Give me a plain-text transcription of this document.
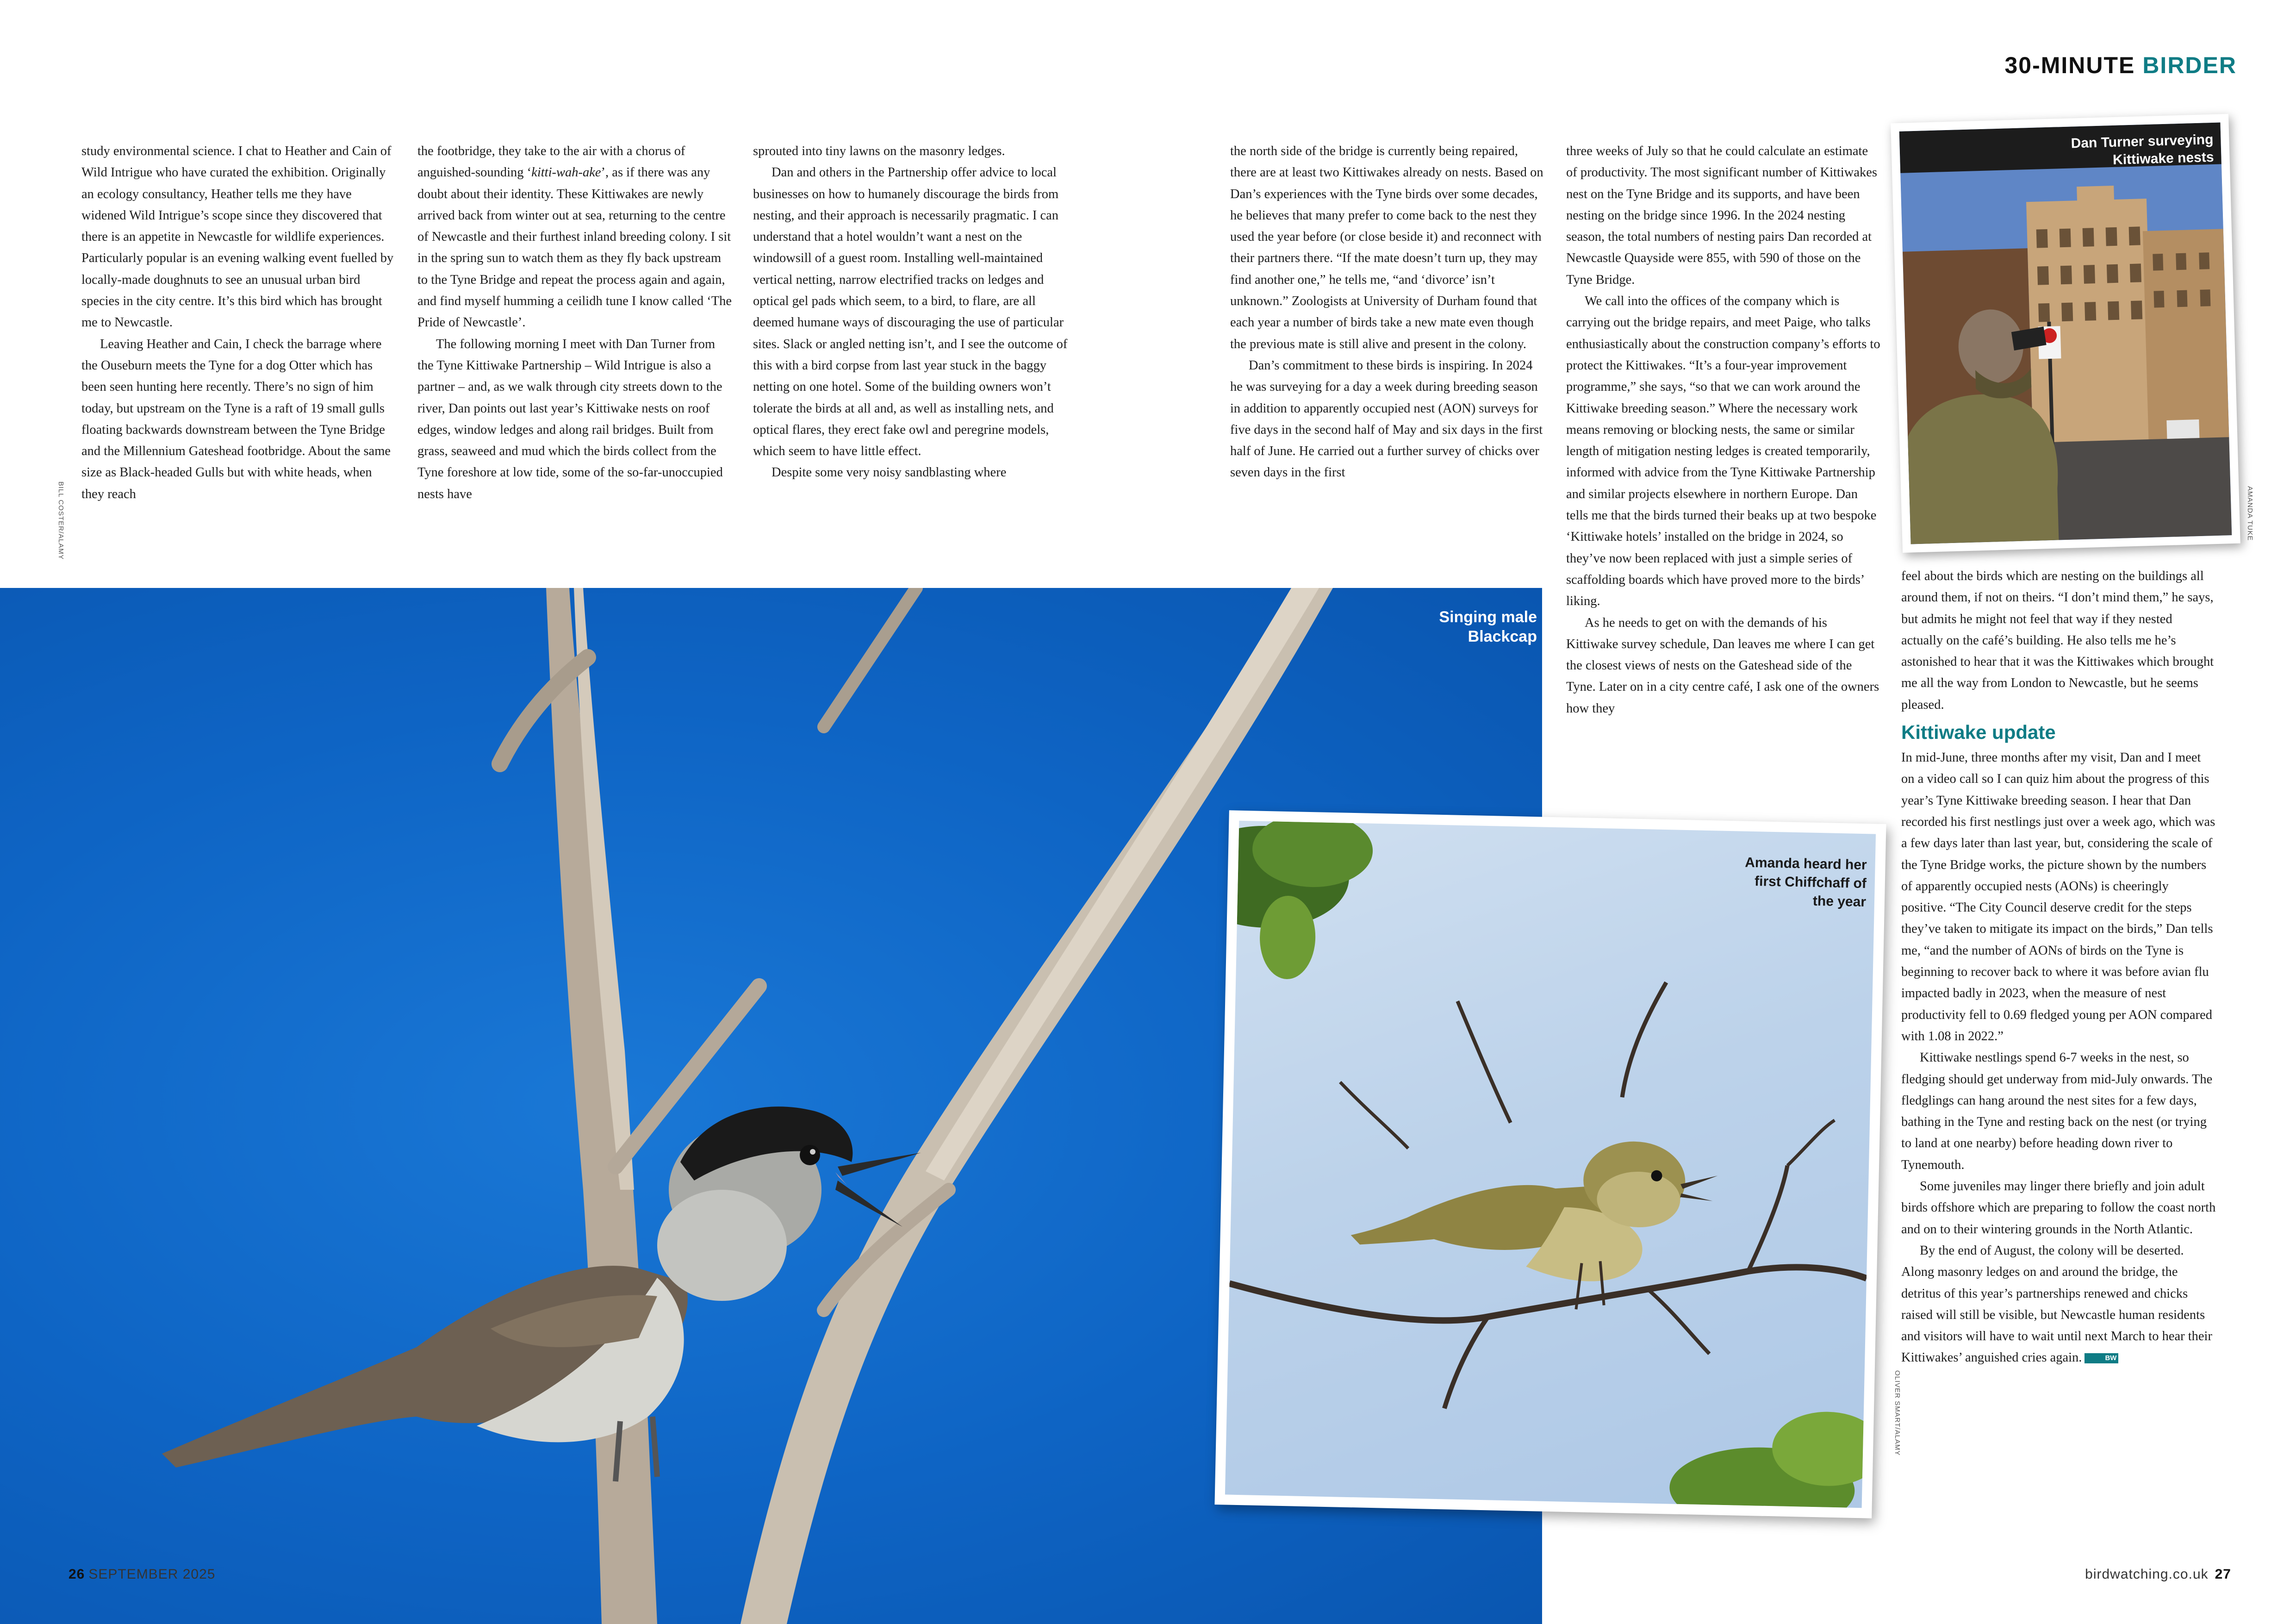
30-MINUTE BIRDER

study environmental science. I chat to Heather and Cain of Wild Intrigue who have curated the exhibition. Originally an ecology consultancy, Heather tells me they have widened Wild Intrigue’s scope since they discovered that there is an appetite in Newcastle for wildlife experiences. Particularly popular is an evening walking event fuelled by locally-made doughnuts to see an unusual urban bird species in the city centre. It’s this bird which has brought me to Newcastle.

Leaving Heather and Cain, I check the barrage where the Ouseburn meets the Tyne for a dog Otter which has been seen hunting here recently. There’s no sign of him today, but upstream on the Tyne is a raft of 19 small gulls floating backwards downstream between the Tyne Bridge and the Millennium Gateshead footbridge. About the same size as Black-headed Gulls but with white heads, when they reach

the footbridge, they take to the air with a chorus of anguished-sounding ‘kitti-wah-ake’, as if there was any doubt about their identity. These Kittiwakes are newly arrived back from winter out at sea, returning to the centre of Newcastle and their furthest inland breeding colony. I sit in the spring sun to watch them as they fly back upstream to the Tyne Bridge and repeat the process again and again, and find myself humming a ceilidh tune I know called ‘The Pride of Newcastle’.

The following morning I meet with Dan Turner from the Tyne Kittiwake Partnership – Wild Intrigue is also a partner – and, as we walk through city streets down to the river, Dan points out last year’s Kittiwake nests on roof edges, window ledges and along rail bridges. Built from grass, seaweed and mud which the birds collect from the Tyne foreshore at low tide, some of the so-far-unoccupied nests have

sprouted into tiny lawns on the masonry ledges.

Dan and others in the Partnership offer advice to local businesses on how to humanely discourage the birds from nesting, and their approach is necessarily pragmatic. I can understand that a hotel wouldn’t want a nest on the windowsill of a guest room. Installing well-maintained vertical netting, narrow electrified tracks on ledges and optical gel pads which seem, to a bird, to flare, are all deemed humane ways of discouraging the use of particular sites. Slack or angled netting isn’t, and I see the outcome of this with a bird corpse from last year stuck in the baggy netting on one hotel. Some of the building owners won’t tolerate the birds at all and, as well as installing nets, and optical flares, they erect fake owl and peregrine models, which seem to have little effect.

Despite some very noisy sandblasting where

the north side of the bridge is currently being repaired, there are at least two Kittiwakes already on nests. Based on Dan’s experiences with the Tyne birds over some decades, he believes that many prefer to come back to the nest they used the year before (or close beside it) and reconnect with their partners there. “If the mate doesn’t turn up, they may find another one,” he tells me, “and ‘divorce’ isn’t unknown.” Zoologists at University of Durham found that each year a number of birds take a new mate even though the previous mate is still alive and present in the colony.

Dan’s commitment to these birds is inspiring. In 2024 he was surveying for a day a week during breeding season in addition to apparently occupied nest (AON) surveys for five days in the second half of May and six days in the first half of June. He carried out a further survey of chicks over seven days in the first

three weeks of July so that he could calculate an estimate of productivity. The most significant number of Kittiwakes nest on the Tyne Bridge and its supports, and have been nesting on the bridge since 1996. In the 2024 nesting season, the total numbers of nesting pairs Dan recorded at Newcastle Quayside were 855, with 590 of those on the Tyne Bridge.

We call into the offices of the company which is carrying out the bridge repairs, and meet Paige, who talks enthusiastically about the construction company’s efforts to protect the Kittiwakes. “It’s a four-year improvement programme,” she says, “so that we can work around the Kittiwake breeding season.” Where the necessary work means removing or blocking nests, the same or similar length of mitigation nesting ledges is created temporarily, informed with advice from the Tyne Kittiwake Partnership and similar projects elsewhere in northern Europe. Dan tells me that the birds turned their beaks up at two bespoke ‘Kittiwake hotels’ installed on the bridge in 2024, so they’ve now been replaced with just a simple series of scaffolding boards which have proved more to the birds’ liking.

As he needs to get on with the demands of his Kittiwake survey schedule, Dan leaves me where I can get the closest views of nests on the Gateshead side of the Tyne. Later on in a city centre café, I ask one of the owners how they

feel about the birds which are nesting on the buildings all around them, if not on theirs. “I don’t mind them,” he says, but admits he might not feel that way if they nested actually on the café’s building. He also tells me he’s astonished to hear that it was the Kittiwakes which brought me all the way from London to Newcastle, but he seems pleased.

Kittiwake update

In mid-June, three months after my visit, Dan and I meet on a video call so I can quiz him about the progress of this year’s Tyne Kittiwake breeding season. I hear that Dan recorded his first nestlings just over a week ago, which was a few days later than last year, but, considering the scale of the Tyne Bridge works, the picture shown by the numbers of apparently occupied nests (AONs) is cheeringly positive. “The City Council deserve credit for the steps they’ve taken to mitigate its impact on the birds,” Dan tells me, “and the number of AONs of birds on the Tyne is beginning to recover back to where it was before avian flu impacted badly in 2023, when the measure of nest productivity fell to 0.69 fledged young per AON compared with 1.08 in 2022.”

Kittiwake nestlings spend 6-7 weeks in the nest, so fledging should get underway from mid-July onwards. The fledglings can hang around the nest sites for a few days, bathing in the Tyne and resting back on the nest (or trying to land at one nearby) before heading down river to Tynemouth.

Some juveniles may linger there briefly and join adult birds offshore which are preparing to follow the coast north and on to their wintering grounds in the North Atlantic.

By the end of August, the colony will be deserted. Along masonry ledges on and around the bridge, the detritus of this year’s partnerships renewed and chicks raised will still be visible, but Newcastle human residents and visitors will have to wait until next March to hear their Kittiwakes’ anguished cries again.	BW

BILL COSTER/ALAMY
Singing male
Blackcap
Amanda heard her
first Chiffchaff of
the year
OLIVER SMART/ALAMY
Dan Turner surveying
Kittiwake nests
AMANDA TUKE
26 SEPTEMBER 2025	birdwatching.co.uk 27
